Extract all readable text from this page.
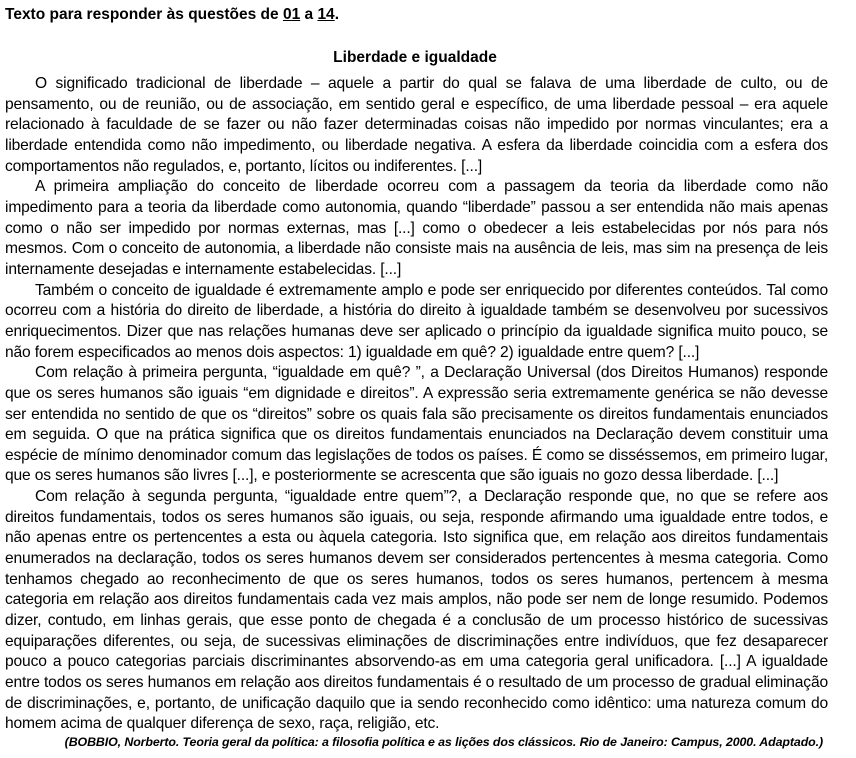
Texto para responder às questões de 01 a 14.
Liberdade e igualdade

O significado tradicional de liberdade – aquele a partir do qual se falava de uma liberdade de culto, ou de pensamento, ou de reunião, ou de associação, em sentido geral e específico, de uma liberdade pessoal – era aquele relacionado à faculdade de se fazer ou não fazer determinadas coisas não impedido por normas vinculantes; era a liberdade entendida como não impedimento, ou liberdade negativa. A esfera da liberdade coincidia com a esfera dos comportamentos não regulados, e, portanto, lícitos ou indiferentes. [...]

A primeira ampliação do conceito de liberdade ocorreu com a passagem da teoria da liberdade como não impedimento para a teoria da liberdade como autonomia, quando “liberdade” passou a ser entendida não mais apenas como o não ser impedido por normas externas, mas [...] como o obedecer a leis estabelecidas por nós para nós mesmos. Com o conceito de autonomia, a liberdade não consiste mais na ausência de leis, mas sim na presença de leis internamente desejadas e internamente estabelecidas. [...]

Também o conceito de igualdade é extremamente amplo e pode ser enriquecido por diferentes conteúdos. Tal como ocorreu com a história do direito de liberdade, a história do direito à igualdade também se desenvolveu por sucessivos enriquecimentos. Dizer que nas relações humanas deve ser aplicado o princípio da igualdade significa muito pouco, se não forem especificados ao menos dois aspectos: 1) igualdade em quê? 2) igualdade entre quem? [...]

Com relação à primeira pergunta, “igualdade em quê? ”, a Declaração Universal (dos Direitos Humanos) responde que os seres humanos são iguais “em dignidade e direitos”. A expressão seria extremamente genérica se não devesse ser entendida no sentido de que os “direitos” sobre os quais fala são precisamente os direitos fundamentais enunciados em seguida. O que na prática significa que os direitos fundamentais enunciados na Declaração devem constituir uma espécie de mínimo denominador comum das legislações de todos os países. É como se disséssemos, em primeiro lugar, que os seres humanos são livres [...], e posteriormente se acrescenta que são iguais no gozo dessa liberdade. [...]

Com relação à segunda pergunta, “igualdade entre quem”?, a Declaração responde que, no que se refere aos direitos fundamentais, todos os seres humanos são iguais, ou seja, responde afirmando uma igualdade entre todos, e não apenas entre os pertencentes a esta ou àquela categoria. Isto significa que, em relação aos direitos fundamentais enumerados na declaração, todos os seres humanos devem ser considerados pertencentes à mesma categoria. Como tenhamos chegado ao reconhecimento de que os seres humanos, todos os seres humanos, pertencem à mesma categoria em relação aos direitos fundamentais cada vez mais amplos, não pode ser nem de longe resumido. Podemos dizer, contudo, em linhas gerais, que esse ponto de chegada é a conclusão de um processo histórico de sucessivas equiparações diferentes, ou seja, de sucessivas eliminações de discriminações entre indivíduos, que fez desaparecer pouco a pouco categorias parciais discriminantes absorvendo-as em uma categoria geral unificadora. [...] A igualdade entre todos os seres humanos em relação aos direitos fundamentais é o resultado de um processo de gradual eliminação de discriminações, e, portanto, de unificação daquilo que ia sendo reconhecido como idêntico: uma natureza comum do homem acima de qualquer diferença de sexo, raça, religião, etc.

(BOBBIO, Norberto. Teoria geral da política: a filosofia política e as lições dos clássicos. Rio de Janeiro: Campus, 2000. Adaptado.)
